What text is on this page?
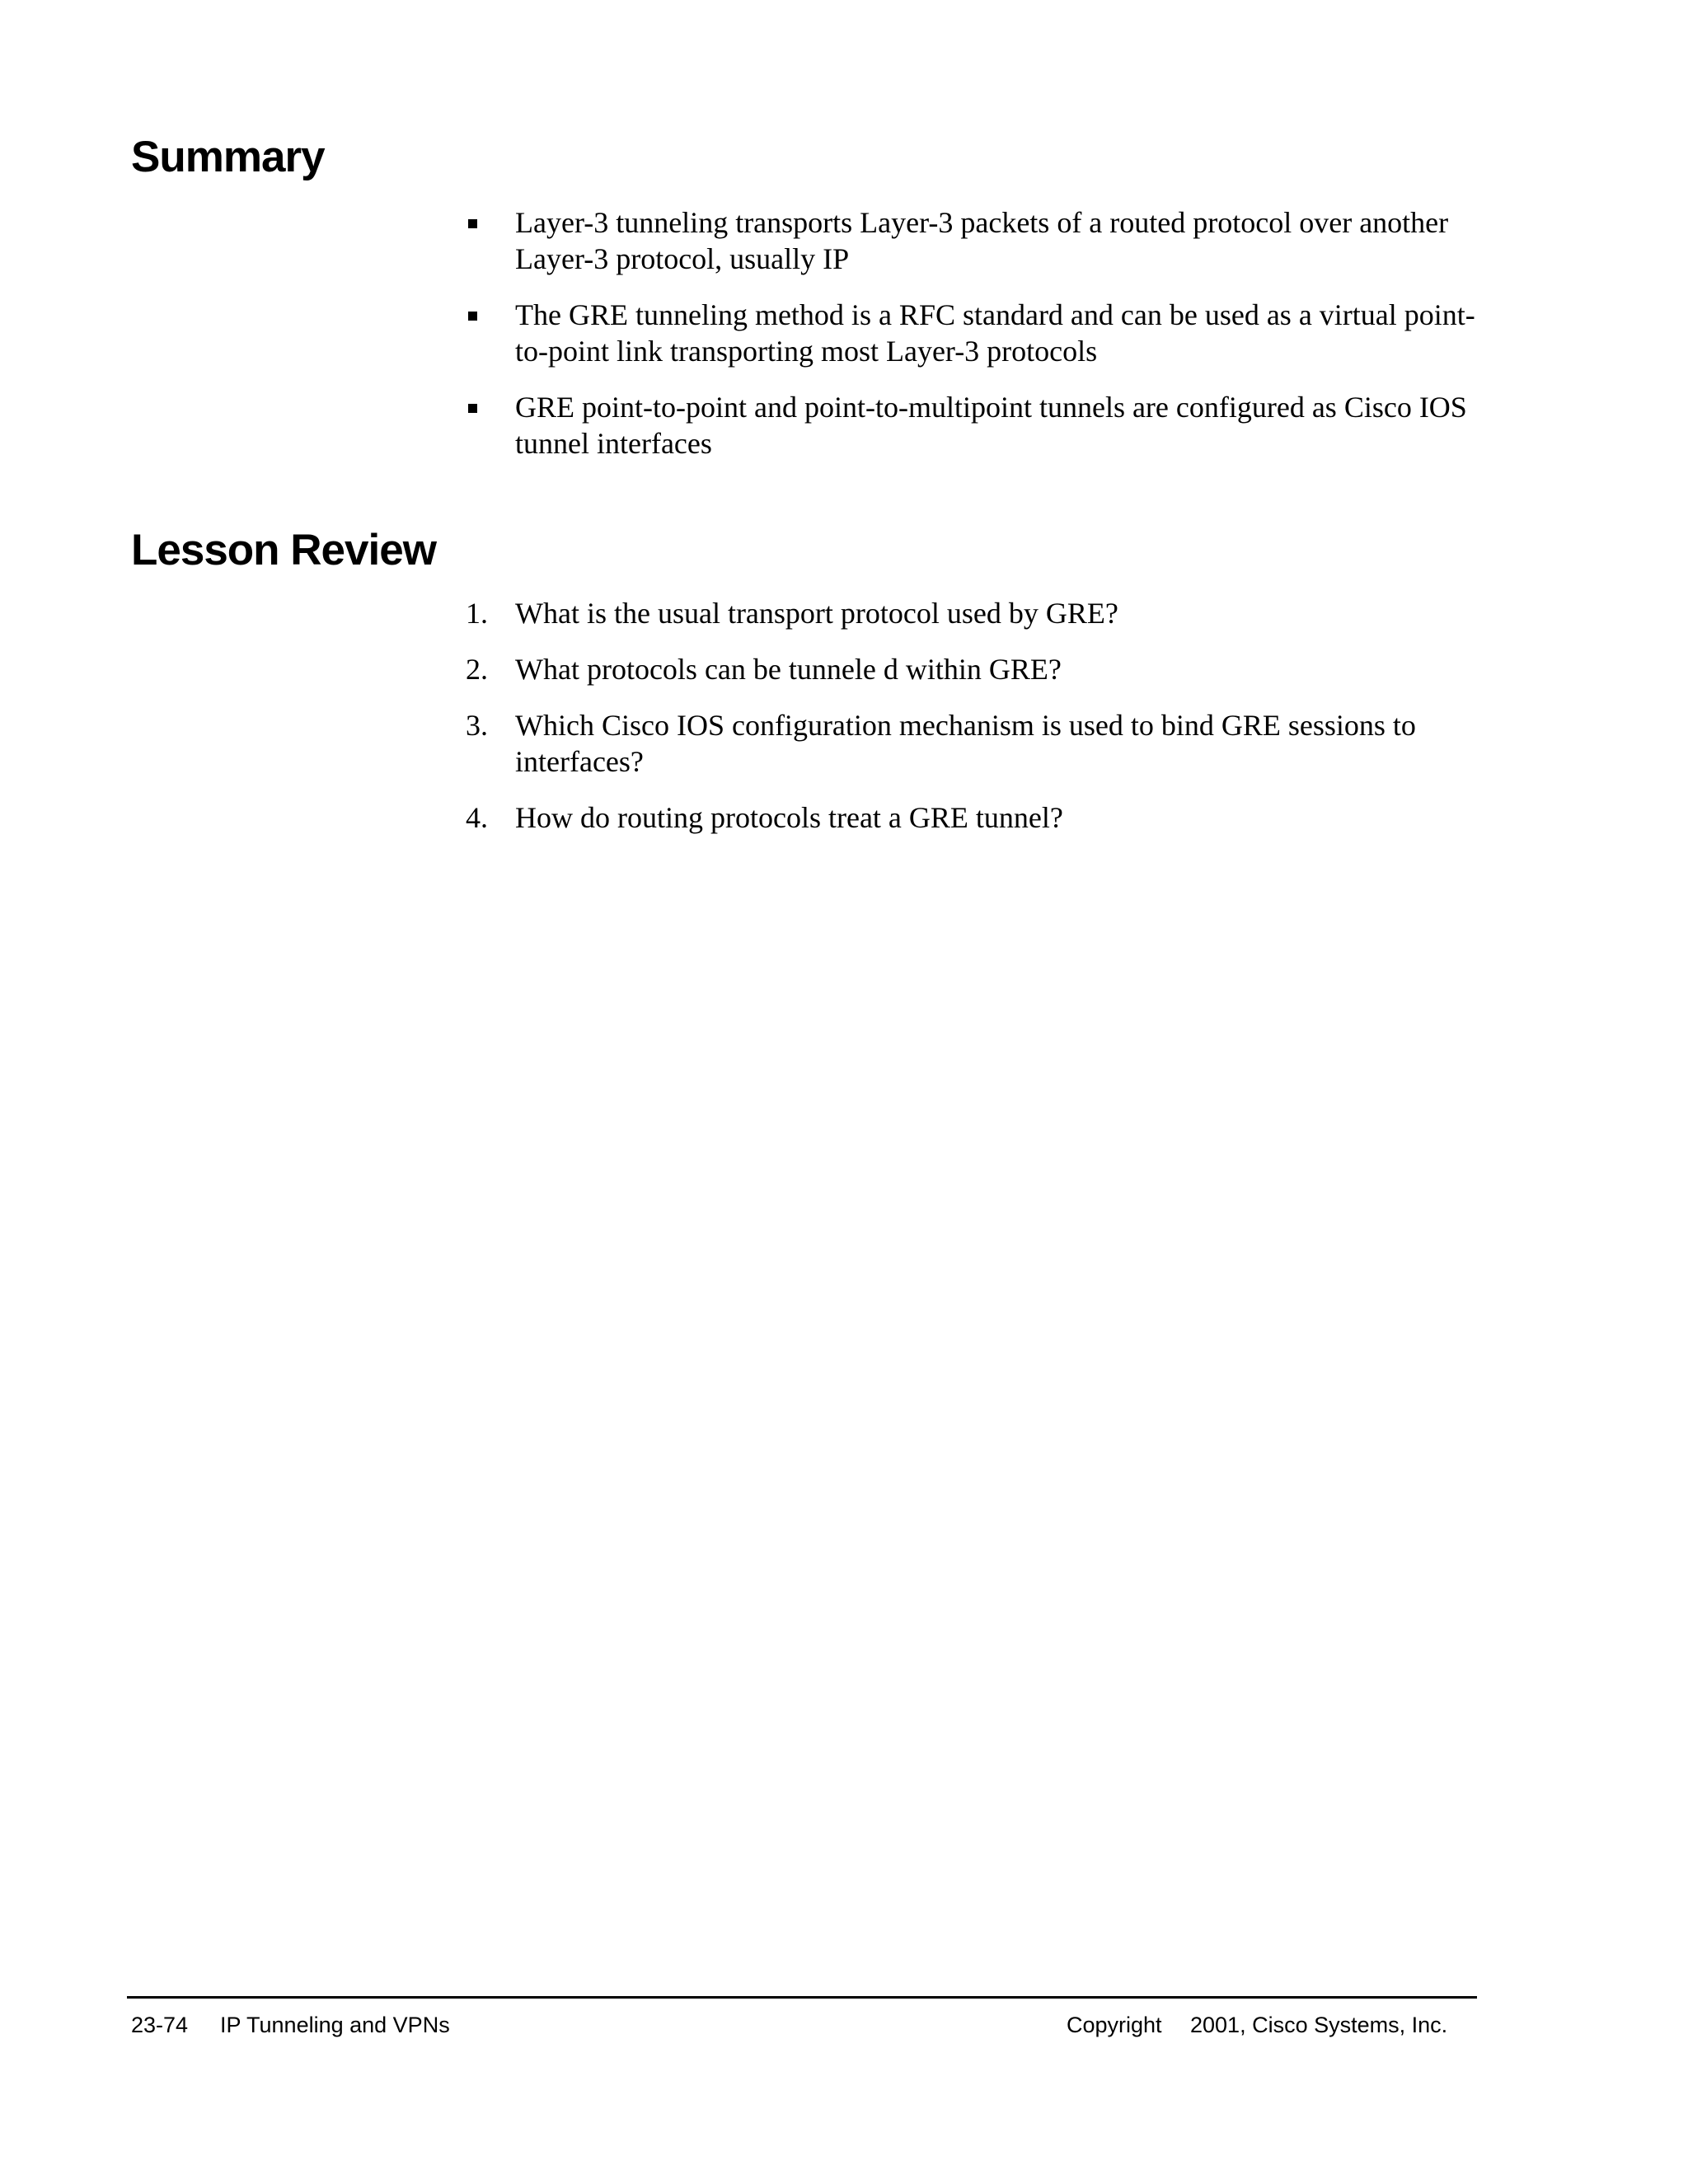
Summary
Layer-3 tunneling transports Layer-3 packets of a routed protocol over another Layer-3 protocol, usually IP
The GRE tunneling method is a RFC standard and can be used as a virtual point-to-point link transporting most Layer-3 protocols
GRE point-to-point and point-to-multipoint tunnels are configured as Cisco IOS tunnel interfaces
Lesson Review
1. What is the usual transport protocol used by GRE?
2. What protocols can be tunnele d within GRE?
3. Which Cisco IOS configuration mechanism is used to bind GRE sessions to interfaces?
4. How do routing protocols treat a GRE tunnel?
23-74 IP Tunneling and VPNs	Copyright 2001, Cisco Systems, Inc.
